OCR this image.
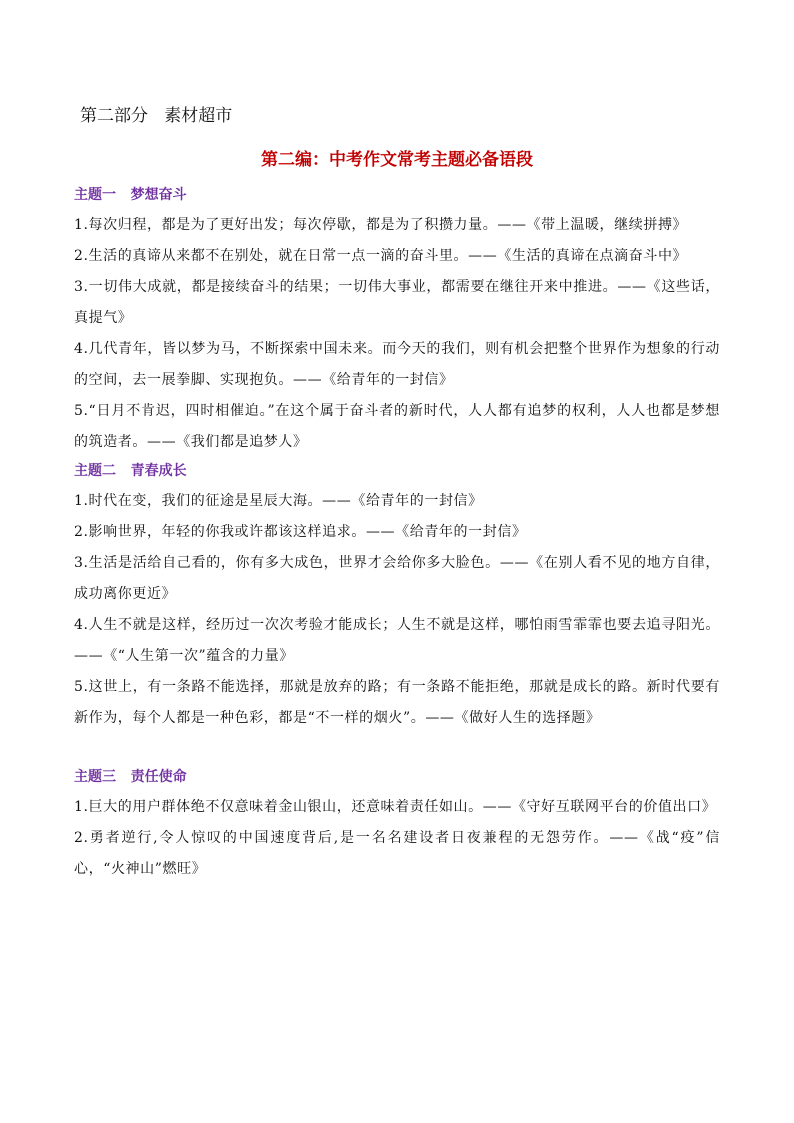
第二部分   素材超市
第二编：中考作文常考主题必备语段
主题一   梦想奋斗
1.每次归程，都是为了更好出发；每次停歇，都是为了积攒力量。——《带上温暖，继续拼搏》
2.生活的真谛从来都不在别处，就在日常一点一滴的奋斗里。——《生活的真谛在点滴奋斗中》
3.一切伟大成就，都是接续奋斗的结果；一切伟大事业，都需要在继往开来中推进。——《这些话，真提气》
4.几代青年，皆以梦为马，不断探索中国未来。而今天的我们，则有机会把整个世界作为想象的行动的空间，去一展拳脚、实现抱负。——《给青年的一封信》
5.“日月不肯迟，四时相催迫。”在这个属于奋斗者的新时代，人人都有追梦的权利，人人也都是梦想的筑造者。——《我们都是追梦人》
主题二   青春成长
1.时代在变，我们的征途是星辰大海。——《给青年的一封信》
2.影响世界，年轻的你我或许都该这样追求。——《给青年的一封信》
3.生活是活给自己看的，你有多大成色，世界才会给你多大脸色。——《在别人看不见的地方自律，成功离你更近》
4.人生不就是这样，经历过一次次考验才能成长；人生不就是这样，哪怕雨雪霏霏也要去追寻阳光。——《“人生第一次”蕴含的力量》
5.这世上，有一条路不能选择，那就是放弃的路；有一条路不能拒绝，那就是成长的路。新时代要有新作为，每个人都是一种色彩，都是“不一样的烟火”。——《做好人生的选择题》
主题三   责任使命
1.巨大的用户群体绝不仅意味着金山银山，还意味着责任如山。——《守好互联网平台的价值出口》
2.勇者逆行,令人惊叹的中国速度背后,是一名名建设者日夜兼程的无怨劳作。——《战“疫”信心，“火神山”燃旺》
